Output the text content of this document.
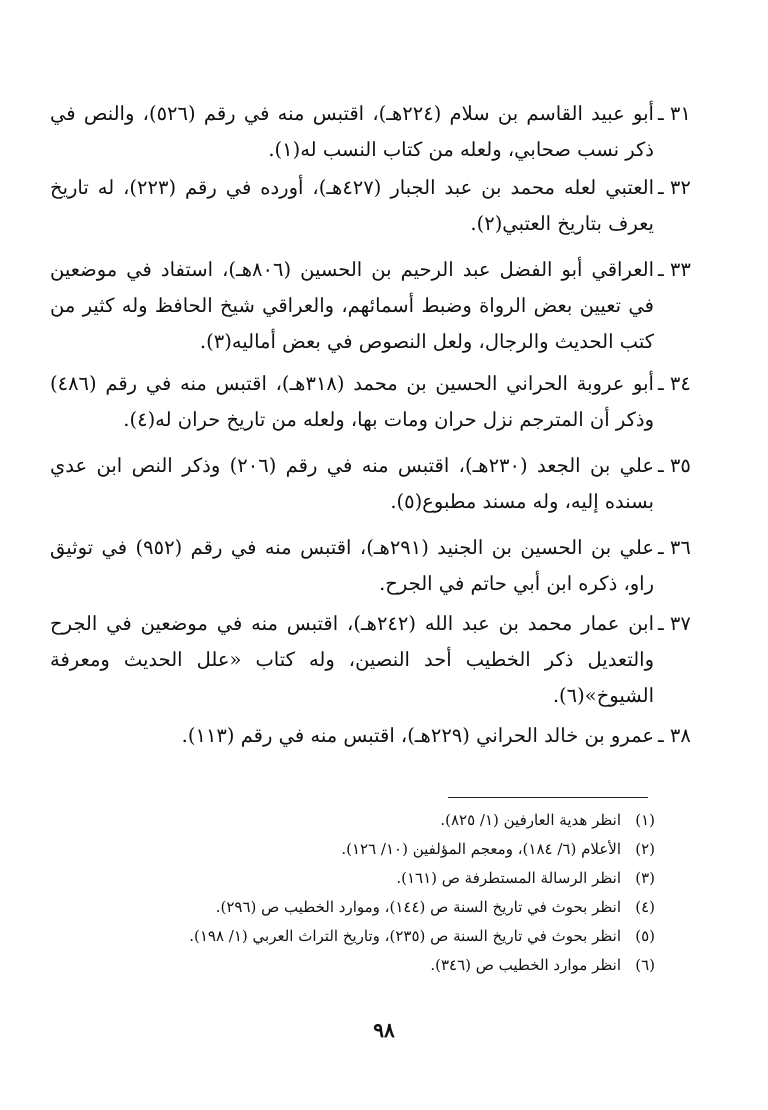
٣١ ـ
أبو عبيد القاسم بن سلام (٢٢٤هـ)، اقتبس منه في رقم (٥٢٦)، والنص في ذكر نسب صحابي، ولعله من كتاب النسب له(١).
٣٢ ـ
العتبي لعله محمد بن عبد الجبار (٤٢٧هـ)، أورده في رقم (٢٢٣)، له تاريخ يعرف بتاريخ العتبي(٢).
٣٣ ـ
العراقي أبو الفضل عبد الرحيم بن الحسين (٨٠٦هـ)، استفاد في موضعين في تعيين بعض الرواة وضبط أسمائهم، والعراقي شيخ الحافظ وله كثير من كتب الحديث والرجال، ولعل النصوص في بعض أماليه(٣).
٣٤ ـ
أبو عروبة الحراني الحسين بن محمد (٣١٨هـ)، اقتبس منه في رقم (٤٨٦) وذكر أن المترجم نزل حران ومات بها، ولعله من تاريخ حران له(٤).
٣٥ ـ
علي بن الجعد (٢٣٠هـ)، اقتبس منه في رقم (٢٠٦) وذكر النص ابن عدي بسنده إليه، وله مسند مطبوع(٥).
٣٦ ـ
علي بن الحسين بن الجنيد (٢٩١هـ)، اقتبس منه في رقم (٩٥٢) في توثيق راو، ذكره ابن أبي حاتم في الجرح.
٣٧ ـ
ابن عمار محمد بن عبد الله (٢٤٢هـ)، اقتبس منه في موضعين في الجرح والتعديل ذكر الخطيب أحد النصين، وله كتاب «علل الحديث ومعرفة الشيوخ»(٦).
٣٨ ـ
عمرو بن خالد الحراني (٢٢٩هـ)، اقتبس منه في رقم (١١٣).
(١)
انظر هدية العارفين (١/ ٨٢٥).
(٢)
الأعلام (٦/ ١٨٤)، ومعجم المؤلفين (١٠/ ١٢٦).
(٣)
انظر الرسالة المستطرفة ص (١٦١).
(٤)
انظر بحوث في تاريخ السنة ص (١٤٤)، وموارد الخطيب ص (٢٩٦).
(٥)
انظر بحوث في تاريخ السنة ص (٢٣٥)، وتاريخ التراث العربي (١/ ١٩٨).
(٦)
انظر موارد الخطيب ص (٣٤٦).
٩٨
